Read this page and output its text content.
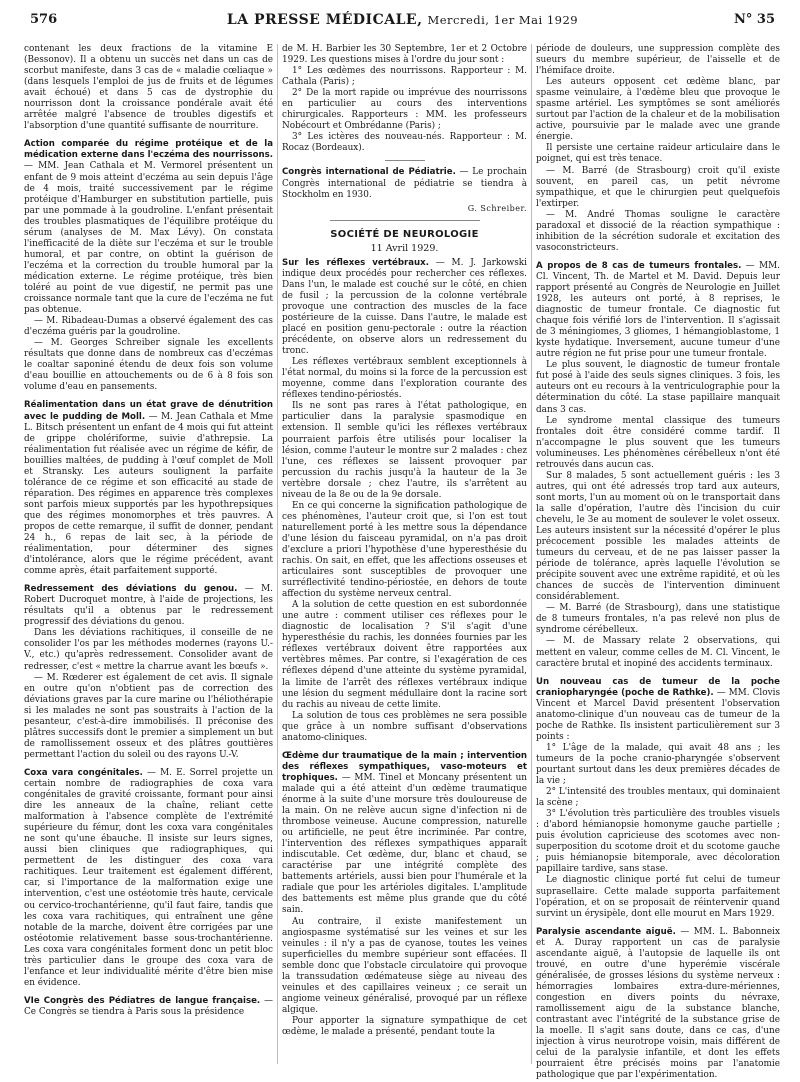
576	LA PRESSE MÉDICALE, Mercredi, 1er Mai 1929	N° 35

contenant les deux fractions de la vitamine E (Bessonov). Il a obtenu un succès net dans un cas de scorbut manifeste, dans 3 cas de « maladie cœliaque » (dans lesquels l'emploi de jus de fruits et de légumes avait échoué) et dans 5 cas de dystrophie du nourrisson dont la croissance pondérale avait été arrêtée malgré l'absence de troubles digestifs et l'absorption d'une quantité suffisante de nourriture.

Action comparée du régime protéique et de la médication externe dans l'eczéma des nourrissons. — MM. Jean Cathala et M. Vermorel présentent un enfant de 9 mois atteint d'eczéma au sein depuis l'âge de 4 mois, traité successivement par le régime protéique d'Hamburger en substitution partielle, puis par une pommade à la goudroline. L'enfant présentait des troubles plasmatiques de l'équilibre protéique du sérum (analyses de M. Max Lévy). On constata l'inefficacité de la diète sur l'eczéma et sur le trouble humoral, et par contre, on obtint la guérison de l'eczéma et la correction du trouble humoral par la médication externe. Le régime protéique, très bien toléré au point de vue digestif, ne permit pas une croissance normale tant que la cure de l'eczéma ne fut pas obtenue.

— M. Ribadeau-Dumas a observé également des cas d'eczéma guéris par la goudroline.

— M. Georges Schreiber signale les excellents résultats que donne dans de nombreux cas d'eczémas le coaltar saponiné étendu de deux fois son volume d'eau bouillie en attouchements ou de 6 à 8 fois son volume d'eau en pansements.

Réalimentation dans un état grave de dénutrition avec le pudding de Moll. — M. Jean Cathala et Mme L. Bitsch présentent un enfant de 4 mois qui fut atteint de grippe cholériforme, suivie d'athrepsie. La réalimentation fut réalisée avec un régime de kéfir, de bouillies maltées, de pudding à l'œuf complet de Moll et Stransky. Les auteurs soulignent la parfaite tolérance de ce régime et son efficacité au stade de réparation. Des régimes en apparence très complexes sont parfois mieux supportés par les hypothrepsiques que des régimes monomorphes et très pauvres. A propos de cette remarque, il suffit de donner, pendant 24 h., 6 repas de lait sec, à la période de réalimentation, pour déterminer des signes d'intolérance, alors que le régime précédent, avant comme après, était parfaitement supporté.

Redressement des déviations du genou. — M. Robert Ducroquet montre, à l'aide de projections, les résultats qu'il a obtenus par le redressement progressif des déviations du genou.

Dans les déviations rachitiques, il conseille de ne consolider l'os par les méthodes modernes (rayons U.-V., etc.) qu'après redressement. Consolider avant de redresser, c'est « mettre la charrue avant les bœufs ».

— M. Rœderer est également de cet avis. Il signale en outre qu'on n'obtient pas de correction des déviations graves par la cure marine ou l'héliothérapie si les malades ne sont pas soustraits à l'action de la pesanteur, c'est-à-dire immobilisés. Il préconise des plâtres successifs dont le premier a simplement un but de ramollissement osseux et des plâtres gouttières permettant l'action du soleil ou des rayons U.-V.

Coxa vara congénitales. — M. E. Sorrel projette un certain nombre de radiographies de coxa vara congénitales de gravité croissante, formant pour ainsi dire les anneaux de la chaîne, reliant cette malformation à l'absence complète de l'extrémité supérieure du fémur, dont les coxa vara congénitales ne sont qu'une ébauche. Il insiste sur leurs signes, aussi bien cliniques que radiographiques, qui permettent de les distinguer des coxa vara rachitiques. Leur traitement est également différent, car, si l'importance de la malformation exige une intervention, c'est une ostéotomie très haute, cervicale ou cervico-trochantérienne, qu'il faut faire, tandis que les coxa vara rachitiques, qui entraînent une gêne notable de la marche, doivent être corrigées par une ostéotomie relativement basse sous-trochantérienne. Les coxa vara congénitales forment donc un petit bloc très particulier dans le groupe des coxa vara de l'enfance et leur individualité mérite d'être bien mise en évidence.

VIe Congrès des Pédiatres de langue française. — Ce Congrès se tiendra à Paris sous la présidence

de M. H. Barbier les 30 Septembre, 1er et 2 Octobre 1929. Les questions mises à l'ordre du jour sont :

1° Les œdèmes des nourrissons. Rapporteur : M. Cathala (Paris) ;

2° De la mort rapide ou imprévue des nourrissons en particulier au cours des interventions chirurgicales. Rapporteurs : MM. les professeurs Nobécourt et Ombrédanne (Paris) ;

3° Les ictères des nouveau-nés. Rapporteur : M. Rocaz (Bordeaux).

Congrès international de Pédiatrie. — Le prochain Congrès international de pédiatrie se tiendra à Stockholm en 1930.

G. Schreiber.
SOCIÉTÉ DE NEUROLOGIE
11 Avril 1929.

Sur les réflexes vertébraux. — M. J. Jarkowski indique deux procédés pour rechercher ces réflexes. Dans l'un, le malade est couché sur le côté, en chien de fusil ; la percussion de la colonne vertébrale provoque une contraction des muscles de la face postérieure de la cuisse. Dans l'autre, le malade est placé en position genu-pectorale : outre la réaction précédente, on observe alors un redressement du tronc.

Les réflexes vertébraux semblent exceptionnels à l'état normal, du moins si la force de la percussion est moyenne, comme dans l'exploration courante des réflexes tendino-périostés.

Ils ne sont pas rares à l'état pathologique, en particulier dans la paralysie spasmodique en extension. Il semble qu'ici les réflexes vertébraux pourraient parfois être utilisés pour localiser la lésion, comme l'auteur le montre sur 2 malades : chez l'une, ces réflexes se laissent provoquer par percussion du rachis jusqu'à la hauteur de la 3e vertèbre dorsale ; chez l'autre, ils s'arrêtent au niveau de la 8e ou de la 9e dorsale.

En ce qui concerne la signification pathologique de ces phénomènes, l'auteur croit que, si l'on est tout naturellement porté à les mettre sous la dépendance d'une lésion du faisceau pyramidal, on n'a pas droit d'exclure a priori l'hypothèse d'une hyperesthésie du rachis. On sait, en effet, que les affections osseuses et articulaires sont susceptibles de provoquer une surréflectivité tendino-périostée, en dehors de toute affection du système nerveux central.

A la solution de cette question en est subordonnée une autre : comment utiliser ces réflexes pour le diagnostic de localisation ? S'il s'agit d'une hyperesthésie du rachis, les données fournies par les réflexes vertébraux doivent être rapportées aux vertèbres mêmes. Par contre, si l'exagération de ces réflexes dépend d'une atteinte du système pyramidal, la limite de l'arrêt des réflexes vertébraux indique une lésion du segment médullaire dont la racine sort du rachis au niveau de cette limite.

La solution de tous ces problèmes ne sera possible que grâce à un nombre suffisant d'observations anatomo-cliniques.

Œdème dur traumatique de la main ; intervention des réflexes sympathiques, vaso-moteurs et trophiques. — MM. Tinel et Moncany présentent un malade qui a été atteint d'un œdème traumatique énorme à la suite d'une morsure très douloureuse de la main. On ne relève aucun signe d'infection ni de thrombose veineuse. Aucune compression, naturelle ou artificielle, ne peut être incriminée. Par contre, l'intervention des réflexes sympathiques apparaît indiscutable. Cet œdème, dur, blanc et chaud, se caractérise par une intégrité complète des battements artériels, aussi bien pour l'humérale et la radiale que pour les artérioles digitales. L'amplitude des battements est même plus grande que du côté sain.

Au contraire, il existe manifestement un angiospasme systématisé sur les veines et sur les veinules : il n'y a pas de cyanose, toutes les veines superficielles du membre supérieur sont effacées. Il semble donc que l'obstacle circulatoire qui provoque la transsudation œdémateuse siège au niveau des veinules et des capillaires veineux ; ce serait un angiome veineux généralisé, provoqué par un réflexe algique.

Pour apporter la signature sympathique de cet œdème, le malade a présenté, pendant toute la

période de douleurs, une suppression complète des sueurs du membre supérieur, de l'aisselle et de l'hémiface droite.

Les auteurs opposent cet œdème blanc, par spasme veinulaire, à l'œdème bleu que provoque le spasme artériel. Les symptômes se sont améliorés surtout par l'action de la chaleur et de la mobilisation active, poursuivie par le malade avec une grande énergie.

Il persiste une certaine raideur articulaire dans le poignet, qui est très tenace.

— M. Barré (de Strasbourg) croit qu'il existe souvent, en pareil cas, un petit névrome sympathique, et que le chirurgien peut quelquefois l'extirper.

— M. André Thomas souligne le caractère paradoxal et dissocié de la réaction sympathique : inhibition de la sécrétion sudorale et excitation des vasoconstricteurs.

A propos de 8 cas de tumeurs frontales. — MM. Cl. Vincent, Th. de Martel et M. David. Depuis leur rapport présenté au Congrès de Neurologie en Juillet 1928, les auteurs ont porté, à 8 reprises, le diagnostic de tumeur frontale. Ce diagnostic fut chaque fois vérifié lors de l'intervention. Il s'agissait de 3 méningiomes, 3 gliomes, 1 hémangioblastome, 1 kyste hydatique. Inversement, aucune tumeur d'une autre région ne fut prise pour une tumeur frontale.

Le plus souvent, le diagnostic de tumeur frontale fut posé à l'aide des seuls signes cliniques. 3 fois, les auteurs ont eu recours à la ventriculographie pour la détermination du côté. La stase papillaire manquait dans 3 cas.

Le syndrome mental classique des tumeurs frontales doit être considéré comme tardif. Il n'accompagne le plus souvent que les tumeurs volumineuses. Les phénomènes cérébelleux n'ont été retrouvés dans aucun cas.

Sur 8 malades, 5 sont actuellement guéris : les 3 autres, qui ont été adressés trop tard aux auteurs, sont morts, l'un au moment où on le transportait dans la salle d'opération, l'autre dès l'incision du cuir chevelu, le 3e au moment de soulever le volet osseux. Les auteurs insistent sur la nécessité d'opérer le plus précocement possible les malades atteints de tumeurs du cerveau, et de ne pas laisser passer la période de tolérance, après laquelle l'évolution se précipite souvent avec une extrême rapidité, et où les chances de succès de l'intervention diminuent considérablement.

— M. Barré (de Strasbourg), dans une statistique de 8 tumeurs frontales, n'a pas relevé non plus de syndrome cérébelleux.

— M. de Massary relate 2 observations, qui mettent en valeur, comme celles de M. Cl. Vincent, le caractère brutal et inopiné des accidents terminaux.

Un nouveau cas de tumeur de la poche craniopharyngée (poche de Rathke). — MM. Clovis Vincent et Marcel David présentent l'observation anatomo-clinique d'un nouveau cas de tumeur de la poche de Rathke. Ils insistent particulièrement sur 3 points :

1° L'âge de la malade, qui avait 48 ans ; les tumeurs de la poche cranio-pharyngée s'observent pourtant surtout dans les deux premières décades de la vie ;

2° L'intensité des troubles mentaux, qui dominaient la scène ;

3° L'évolution très particulière des troubles visuels : d'abord hémianopsie homonyme gauche partielle ; puis évolution capricieuse des scotomes avec non-superposition du scotome droit et du scotome gauche ; puis hémianopsie bitemporale, avec décoloration papillaire tardive, sans stase.

Le diagnostic clinique porté fut celui de tumeur suprasellaire. Cette malade supporta parfaitement l'opération, et on se proposait de réintervenir quand survint un érysipèle, dont elle mourut en Mars 1929.

Paralysie ascendante aiguë. — MM. L. Babonneix et A. Duray rapportent un cas de paralysie ascendante aiguë, à l'autopsie de laquelle ils ont trouvé, en outre d'une hyperémie viscérale généralisée, de grosses lésions du système nerveux : hémorragies lombaires extra-dure-mériennes, congestion en divers points du névraxe, ramollissement aigu de la substance blanche, contrastant avec l'intégrité de la substance grise de la moelle. Il s'agit sans doute, dans ce cas, d'une injection à virus neurotrope voisin, mais différent de celui de la paralysie infantile, et dont les effets pourraient être précisés moins par l'anatomie pathologique que par l'expérimentation.
